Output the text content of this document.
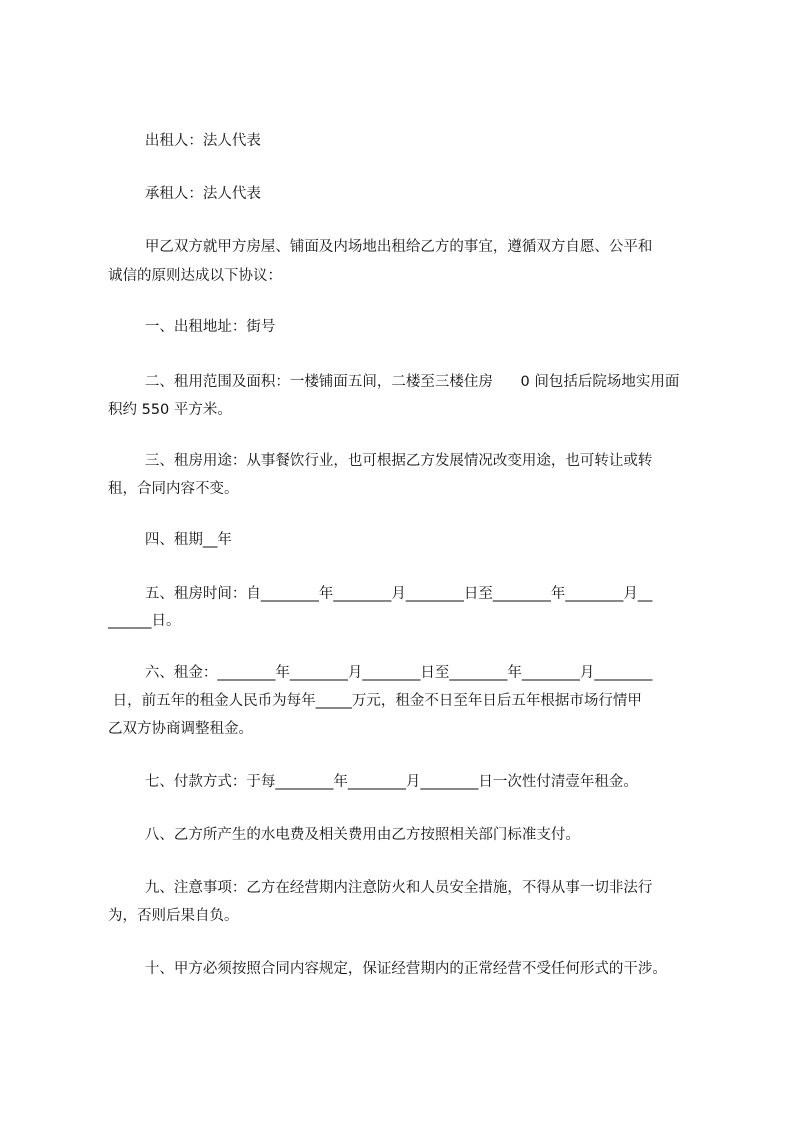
出租人：法人代表
承租人：法人代表
甲乙双方就甲方房屋、铺面及内场地出租给乙方的事宜，遵循双方自愿、公平和
诚信的原则达成以下协议：
一、出租地址：街号
二、租用范围及面积：一楼铺面五间，二楼至三楼住房      0 间包括后院场地实用面
积约 550 平方米。
三、租房用途：从事餐饮行业，也可根据乙方发展情况改变用途，也可转让或转
租，合同内容不变。
四、租期__年
五、租房时间：自________年________月________日至________年________月__
______日。
六、租金：________年________月________日至________年________月________
日，前五年的租金人民币为每年_____万元，租金不日至年日后五年根据市场行情甲
乙双方协商调整租金。
七、付款方式：于每________年________月________日一次性付清壹年租金。
八、乙方所产生的水电费及相关费用由乙方按照相关部门标准支付。
九、注意事项：乙方在经营期内注意防火和人员安全措施，不得从事一切非法行
为，否则后果自负。
十、甲方必须按照合同内容规定，保证经营期内的正常经营不受任何形式的干涉。
